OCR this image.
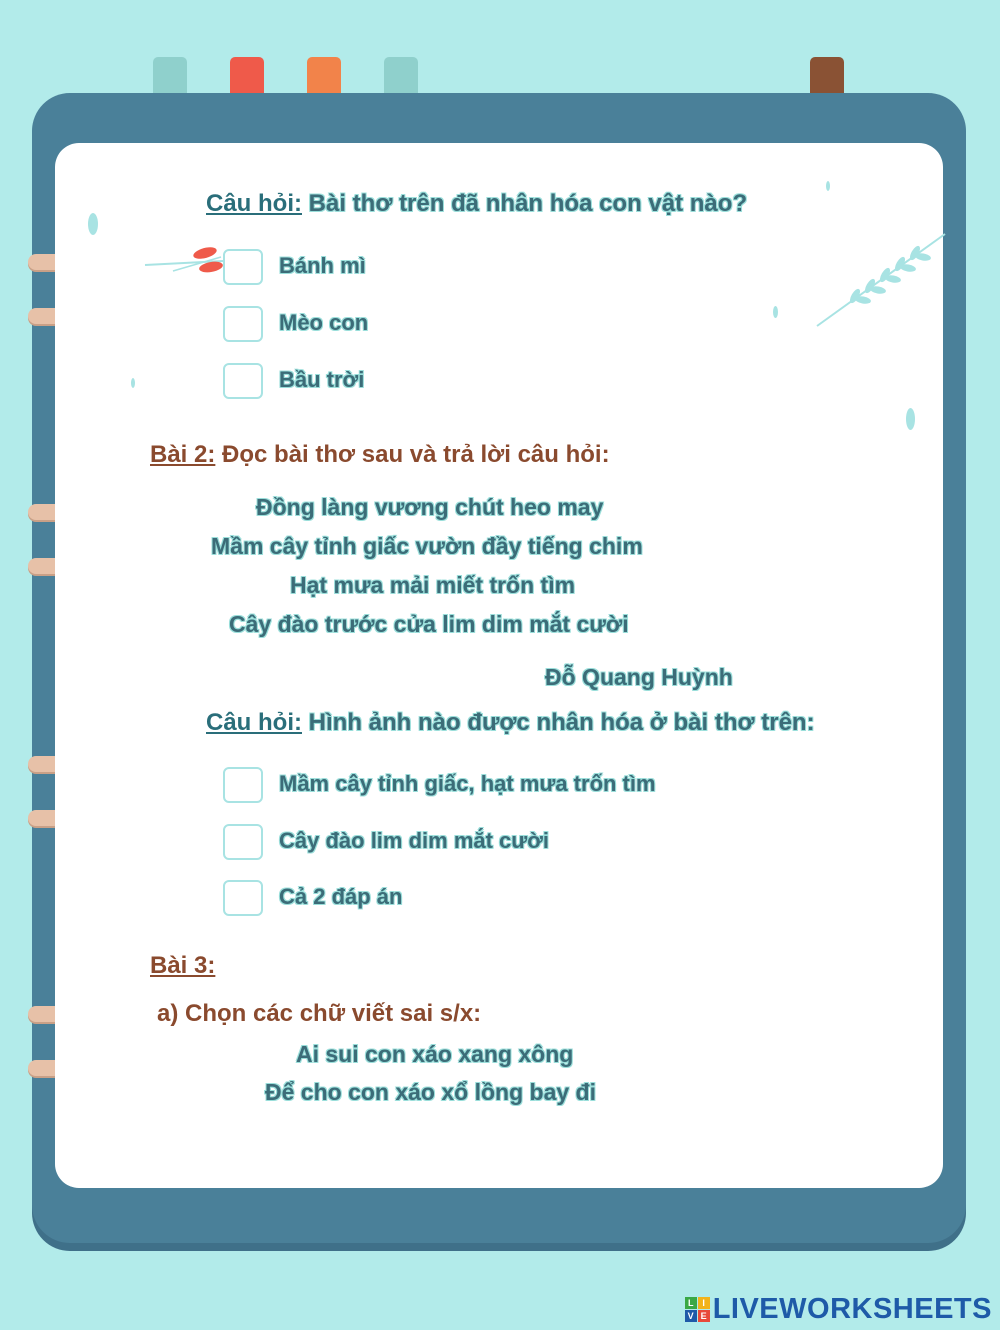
Câu hỏi: Bài thơ trên đã nhân hóa con vật nào?
Bánh mì
Mèo con
Bầu trời
Bài 2: Đọc bài thơ sau và trả lời câu hỏi:
Đồng làng vương chút heo may
Mầm cây tỉnh giấc vườn đầy tiếng chim
Hạt mưa mải miết trốn tìm
Cây đào trước cửa lim dim mắt cười
Đỗ Quang Huỳnh
Câu hỏi: Hình ảnh nào được nhân hóa ở bài thơ trên:
Mầm cây tỉnh giấc, hạt mưa trốn tìm
Cây đào lim dim mắt cười
Cả 2 đáp án
Bài 3:
a) Chọn các chữ viết sai s/x:
Ai sui con xáo xang xông
Để cho con xáo xổ lồng bay đi
L I
V E LIVEWORKSHEETS
